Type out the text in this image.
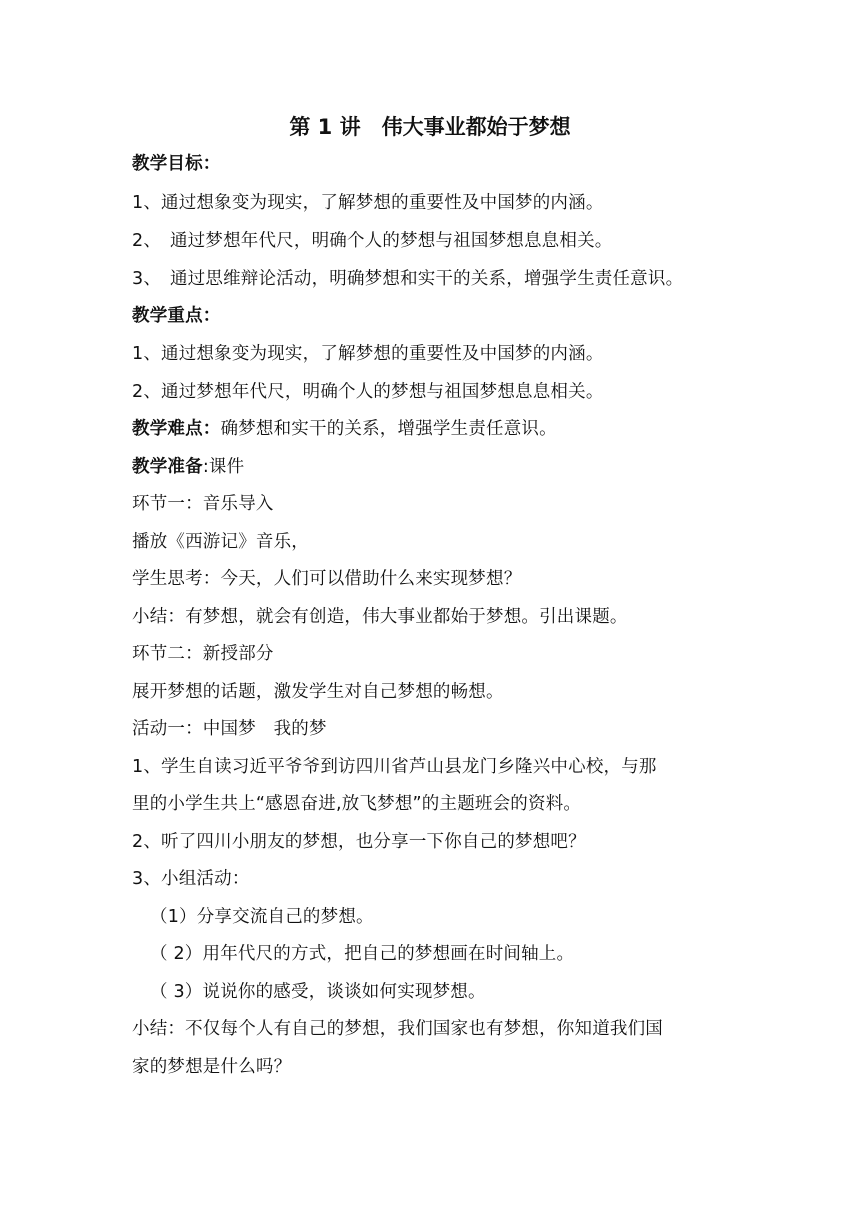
第 1 讲　伟大事业都始于梦想
教学目标：
1、通过想象变为现实，了解梦想的重要性及中国梦的内涵。
2、　通过梦想年代尺，明确个人的梦想与祖国梦想息息相关。
3、　通过思维辩论活动，明确梦想和实干的关系，增强学生责任意识。
教学重点：
1、通过想象变为现实，了解梦想的重要性及中国梦的内涵。
2、通过梦想年代尺，明确个人的梦想与祖国梦想息息相关。
教学难点：确梦想和实干的关系，增强学生责任意识。
教学准备:课件
环节一：音乐导入
播放《西游记》音乐，
学生思考：今天，人们可以借助什么来实现梦想？
小结：有梦想，就会有创造，伟大事业都始于梦想。引出课题。
环节二：新授部分
展开梦想的话题，激发学生对自己梦想的畅想。
活动一：中国梦　我的梦
1、学生自读习近平爷爷到访四川省芦山县龙门乡隆兴中心校，与那
里的小学生共上“感恩奋进,放飞梦想”的主题班会的资料。
2、听了四川小朋友的梦想，也分享一下你自己的梦想吧？
3、小组活动：
（1）分享交流自己的梦想。
（ 2）用年代尺的方式，把自己的梦想画在时间轴上。
（ 3）说说你的感受，谈谈如何实现梦想。
小结：不仅每个人有自己的梦想，我们国家也有梦想，你知道我们国
家的梦想是什么吗？
